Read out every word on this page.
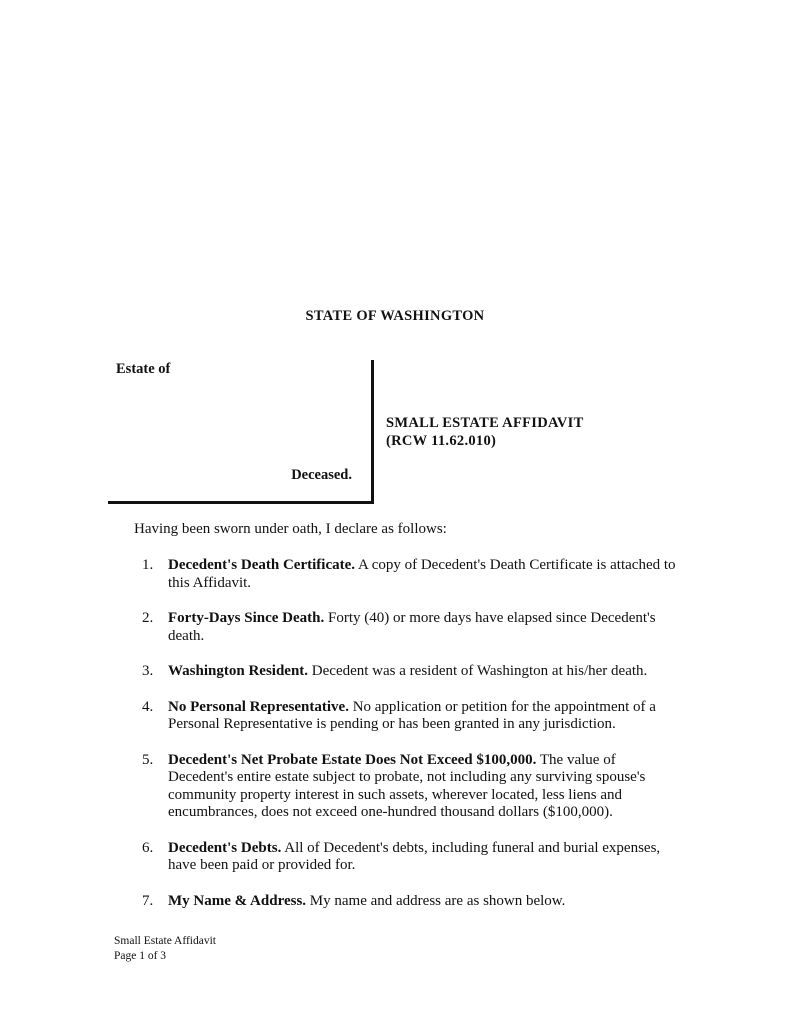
STATE OF WASHINGTON
Estate of
Deceased.
SMALL ESTATE AFFIDAVIT
(RCW 11.62.010)
Having been sworn under oath, I declare as follows:
1. Decedent's Death Certificate. A copy of Decedent's Death Certificate is attached to this Affidavit.
2. Forty-Days Since Death. Forty (40) or more days have elapsed since Decedent's death.
3. Washington Resident. Decedent was a resident of Washington at his/her death.
4. No Personal Representative. No application or petition for the appointment of a Personal Representative is pending or has been granted in any jurisdiction.
5. Decedent's Net Probate Estate Does Not Exceed $100,000. The value of Decedent's entire estate subject to probate, not including any surviving spouse's community property interest in such assets, wherever located, less liens and encumbrances, does not exceed one-hundred thousand dollars ($100,000).
6. Decedent's Debts. All of Decedent's debts, including funeral and burial expenses, have been paid or provided for.
7. My Name & Address. My name and address are as shown below.
Small Estate Affidavit
Page 1 of 3
